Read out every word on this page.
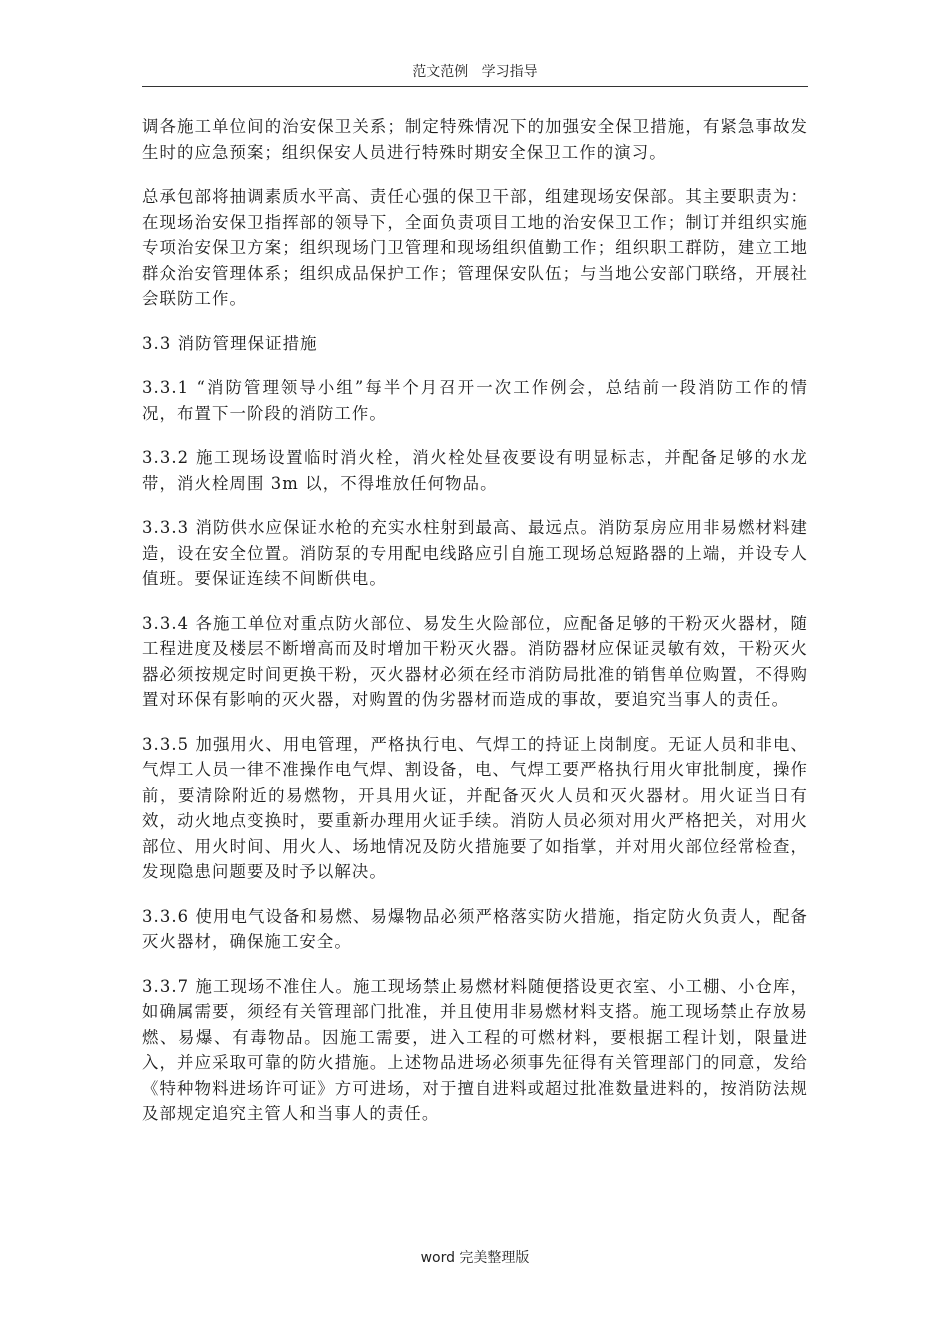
范文范例 学习指导

调各施工单位间的治安保卫关系；制定特殊情况下的加强安全保卫措施，有紧急事故发生时的应急预案；组织保安人员进行特殊时期安全保卫工作的演习。

总承包部将抽调素质水平高、责任心强的保卫干部，组建现场安保部。其主要职责为：在现场治安保卫指挥部的领导下，全面负责项目工地的治安保卫工作；制订并组织实施专项治安保卫方案；组织现场门卫管理和现场组织值勤工作；组织职工群防，建立工地群众治安管理体系；组织成品保护工作；管理保安队伍；与当地公安部门联络，开展社会联防工作。

3.3 消防管理保证措施

3.3.1 “消防管理领导小组”每半个月召开一次工作例会，总结前一段消防工作的情况，布置下一阶段的消防工作。

3.3.2 施工现场设置临时消火栓，消火栓处昼夜要设有明显标志，并配备足够的水龙带，消火栓周围 3m 以，不得堆放任何物品。

3.3.3 消防供水应保证水枪的充实水柱射到最高、最远点。消防泵房应用非易燃材料建造，设在安全位置。消防泵的专用配电线路应引自施工现场总短路器的上端，并设专人值班。要保证连续不间断供电。

3.3.4 各施工单位对重点防火部位、易发生火险部位，应配备足够的干粉灭火器材，随工程进度及楼层不断增高而及时增加干粉灭火器。消防器材应保证灵敏有效，干粉灭火器必须按规定时间更换干粉，灭火器材必须在经市消防局批准的销售单位购置，不得购置对环保有影响的灭火器，对购置的伪劣器材而造成的事故，要追究当事人的责任。

3.3.5 加强用火、用电管理，严格执行电、气焊工的持证上岗制度。无证人员和非电、气焊工人员一律不准操作电气焊、割设备，电、气焊工要严格执行用火审批制度，操作前，要清除附近的易燃物，开具用火证，并配备灭火人员和灭火器材。用火证当日有效，动火地点变换时，要重新办理用火证手续。消防人员必须对用火严格把关，对用火部位、用火时间、用火人、场地情况及防火措施要了如指掌，并对用火部位经常检查，发现隐患问题要及时予以解决。

3.3.6 使用电气设备和易燃、易爆物品必须严格落实防火措施，指定防火负责人，配备灭火器材，确保施工安全。

3.3.7 施工现场不准住人。施工现场禁止易燃材料随便搭设更衣室、小工棚、小仓库，如确属需要，须经有关管理部门批准，并且使用非易燃材料支搭。施工现场禁止存放易燃、易爆、有毒物品。因施工需要，进入工程的可燃材料，要根据工程计划，限量进入，并应采取可靠的防火措施。上述物品进场必须事先征得有关管理部门的同意，发给《特种物料进场许可证》方可进场，对于擅自进料或超过批准数量进料的，按消防法规及部规定追究主管人和当事人的责任。

word 完美整理版
